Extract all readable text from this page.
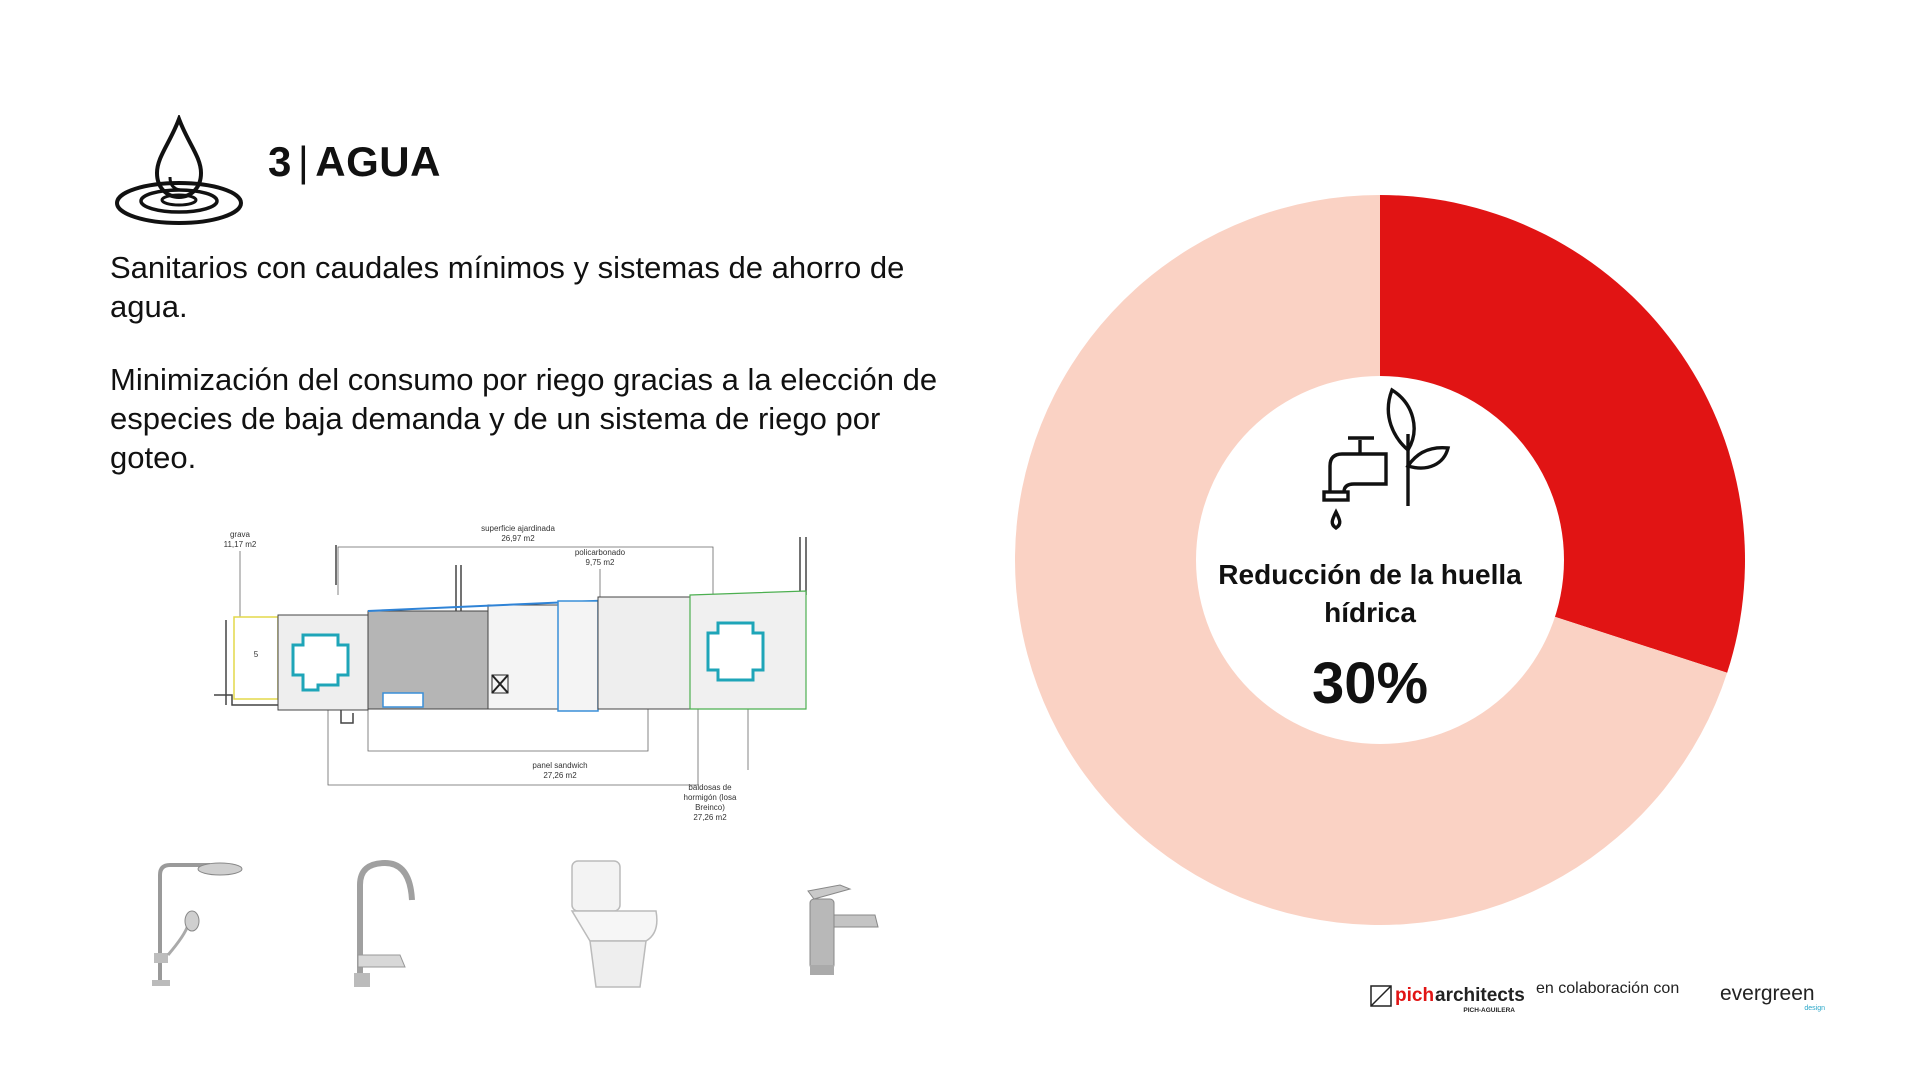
3 | AGUA
Sanitarios con caudales mínimos y sistemas de ahorro de agua.
Minimización del consumo por riego gracias a la elección de especies de baja demanda y de un sistema de riego por goteo.
grava
11,17 m2
superficie ajardinada
26,97 m2
policarbonado
9,75 m2
panel sandwich
27,26 m2
baldosas de
hormigón (losa
Breinco)
27,26 m2
5
Reducción de la huella hídrica
30%
pich architects
PICH-AGUILERA
evergreen
design
en colaboración con
